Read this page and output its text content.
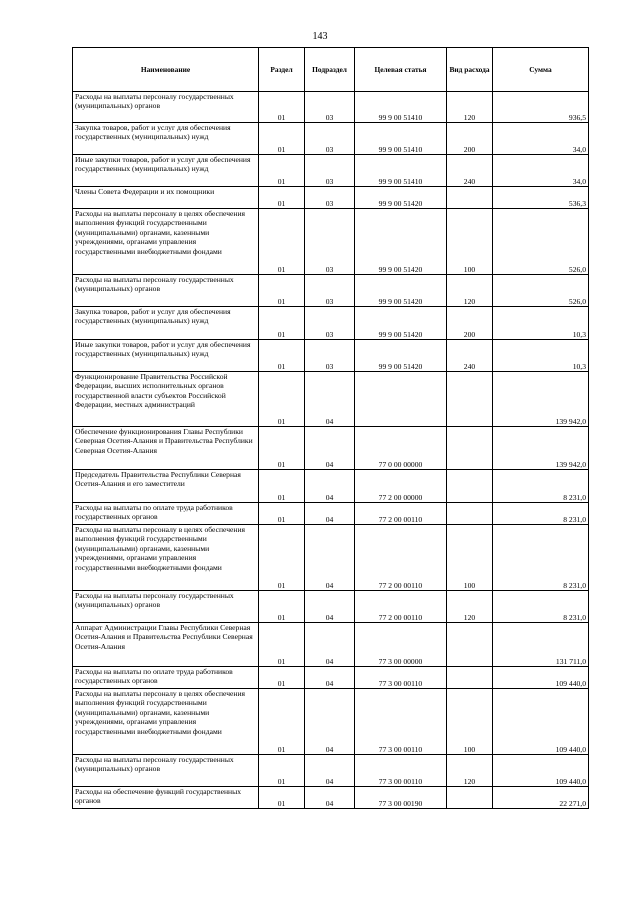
143
Наименование	Раздел	Подраздел	Целевая статья	Вид расхода	Сумма
Расходы на выплаты персоналу государственных (муниципальных) органов	01	03	99 9 00 51410	120	936,5
Закупка товаров, работ и услуг для обеспечения государственных (муниципальных) нужд	01	03	99 9 00 51410	200	34,0
Иные закупки товаров, работ и услуг для обеспечения государственных (муниципальных) нужд	01	03	99 9 00 51410	240	34,0
Члены Совета Федерации и их помощники	01	03	99 9 00 51420		536,3
Расходы на выплаты персоналу в целях обеспечения выполнения функций государственными (муниципальными) органами, казенными учреждениями, органами управления государственными внебюджетными фондами	01	03	99 9 00 51420	100	526,0
Расходы на выплаты персоналу государственных (муниципальных) органов	01	03	99 9 00 51420	120	526,0
Закупка товаров, работ и услуг для обеспечения государственных (муниципальных) нужд	01	03	99 9 00 51420	200	10,3
Иные закупки товаров, работ и услуг для обеспечения государственных (муниципальных) нужд	01	03	99 9 00 51420	240	10,3
Функционирование Правительства Российской Федерации, высших исполнительных органов государственной власти субъектов Российской Федерации, местных администраций	01	04			139 942,0
Обеспечение функционирования Главы Республики Северная Осетия-Алания и Правительства Республики Северная Осетия-Алания	01	04	77 0 00 00000		139 942,0
Председатель Правительства Республики Северная Осетия-Алания и его заместители	01	04	77 2 00 00000		8 231,0
Расходы на выплаты по оплате труда работников государственных органов	01	04	77 2 00 00110		8 231,0
Расходы на выплаты персоналу в целях обеспечения выполнения функций государственными (муниципальными) органами, казенными учреждениями, органами управления государственными внебюджетными фондами	01	04	77 2 00 00110	100	8 231,0
Расходы на выплаты персоналу государственных (муниципальных) органов	01	04	77 2 00 00110	120	8 231,0
Аппарат Администрации Главы Республики Северная Осетия-Алания и Правительства Республики Северная Осетия-Алания	01	04	77 3 00 00000		131 711,0
Расходы на выплаты по оплате труда работников государственных органов	01	04	77 3 00 00110		109 440,0
Расходы на выплаты персоналу в целях обеспечения выполнения функций государственными (муниципальными) органами, казенными учреждениями, органами управления государственными внебюджетными фондами	01	04	77 3 00 00110	100	109 440,0
Расходы на выплаты персоналу государственных (муниципальных) органов	01	04	77 3 00 00110	120	109 440,0
Расходы на обеспечение функций государственных органов	01	04	77 3 00 00190		22 271,0
